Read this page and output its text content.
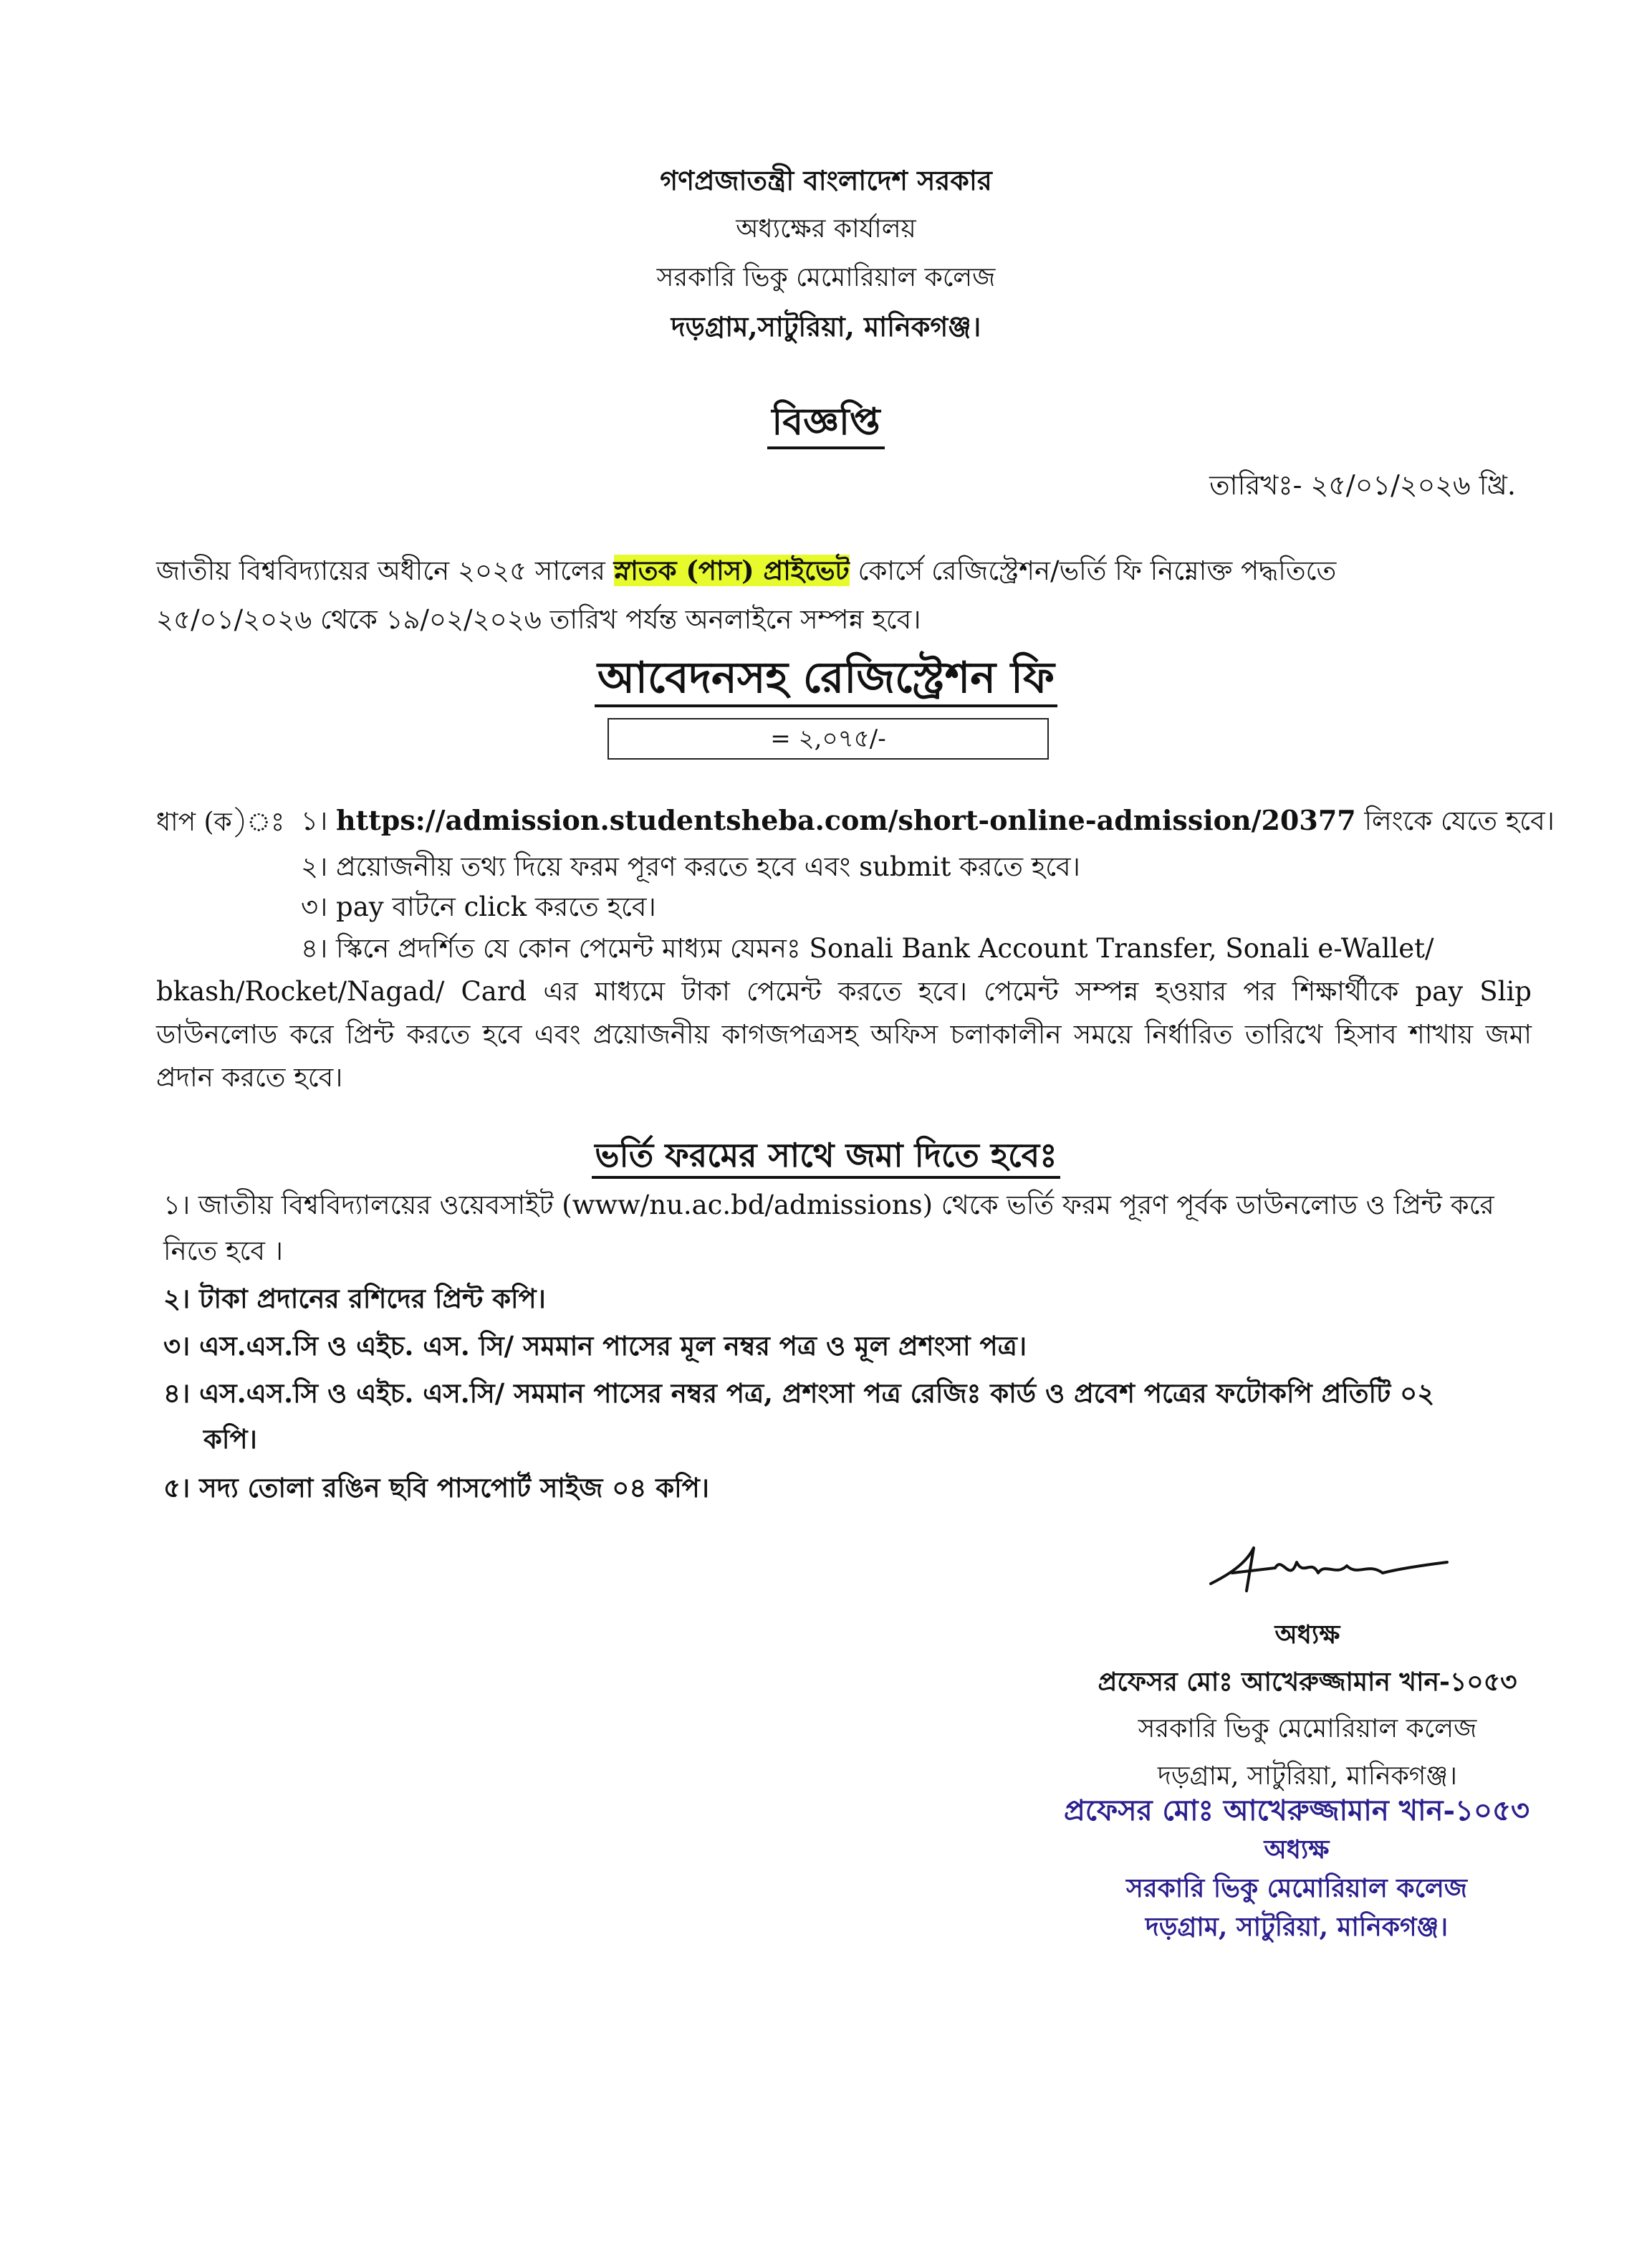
গণপ্রজাতন্ত্রী বাংলাদেশ সরকার
অধ্যক্ষের কার্যালয়
সরকারি ভিকু মেমোরিয়াল কলেজ
দড়গ্রাম,সাটুরিয়া, মানিকগঞ্জ।
বিজ্ঞপ্তি
তারিখঃ- ২৫/০১/২০২৬ খ্রি.
জাতীয় বিশ্ববিদ্যায়ের অধীনে ২০২৫ সালের স্নাতক (পাস) প্রাইভেট কোর্সে রেজিস্ট্রেশন/ভর্তি ফি নিম্নোক্ত পদ্ধতিতে
২৫/০১/২০২৬ থেকে ১৯/০২/২০২৬ তারিখ পর্যন্ত অনলাইনে সম্পন্ন হবে।
আবেদনসহ রেজিস্ট্রেশন ফি
= ২,০৭৫/-
ধাপ (ক)ঃ ১। https://admission.studentsheba.com/short-online-admission/20377 লিংকে যেতে হবে।
২। প্রয়োজনীয় তথ্য দিয়ে ফরম পূরণ করতে হবে এবং submit করতে হবে।
৩। pay বাটনে click করতে হবে।
৪। স্কিনে প্রদর্শিত যে কোন পেমেন্ট মাধ্যম যেমনঃ Sonali Bank Account Transfer, Sonali e-Wallet/
bkash/Rocket/Nagad/ Card এর মাধ্যমে টাকা পেমেন্ট করতে হবে। পেমেন্ট সম্পন্ন হওয়ার পর শিক্ষার্থীকে pay Slip ডাউনলোড করে প্রিন্ট করতে হবে এবং প্রয়োজনীয় কাগজপত্রসহ অফিস চলাকালীন সময়ে নির্ধারিত তারিখে হিসাব শাখায় জমা প্রদান করতে হবে।
ভর্তি ফরমের সাথে জমা দিতে হবেঃ
১। জাতীয় বিশ্ববিদ্যালয়ের ওয়েবসাইট (www/nu.ac.bd/admissions) থেকে ভর্তি ফরম পূরণ পূর্বক ডাউনলোড ও প্রিন্ট করে
নিতে হবে ।
২। টাকা প্রদানের রশিদের প্রিন্ট কপি।
৩। এস.এস.সি ও এইচ. এস. সি/ সমমান পাসের মূল নম্বর পত্র ও মূল প্রশংসা পত্র।
৪। এস.এস.সি ও এইচ. এস.সি/ সমমান পাসের নম্বর পত্র, প্রশংসা পত্র রেজিঃ কার্ড ও প্রবেশ পত্রের ফটোকপি প্রতিটি ০২
কপি।
৫। সদ্য তোলা রঙিন ছবি পাসপোর্ট সাইজ ০৪ কপি।
অধ্যক্ষ
প্রফেসর মোঃ আখেরুজ্জামান খান-১০৫৩
সরকারি ভিকু মেমোরিয়াল কলেজ
দড়গ্রাম, সাটুরিয়া, মানিকগঞ্জ।
প্রফেসর মোঃ আখেরুজ্জামান খান-১০৫৩
অধ্যক্ষ
সরকারি ভিকু মেমোরিয়াল কলেজ
দড়গ্রাম, সাটুরিয়া, মানিকগঞ্জ।
